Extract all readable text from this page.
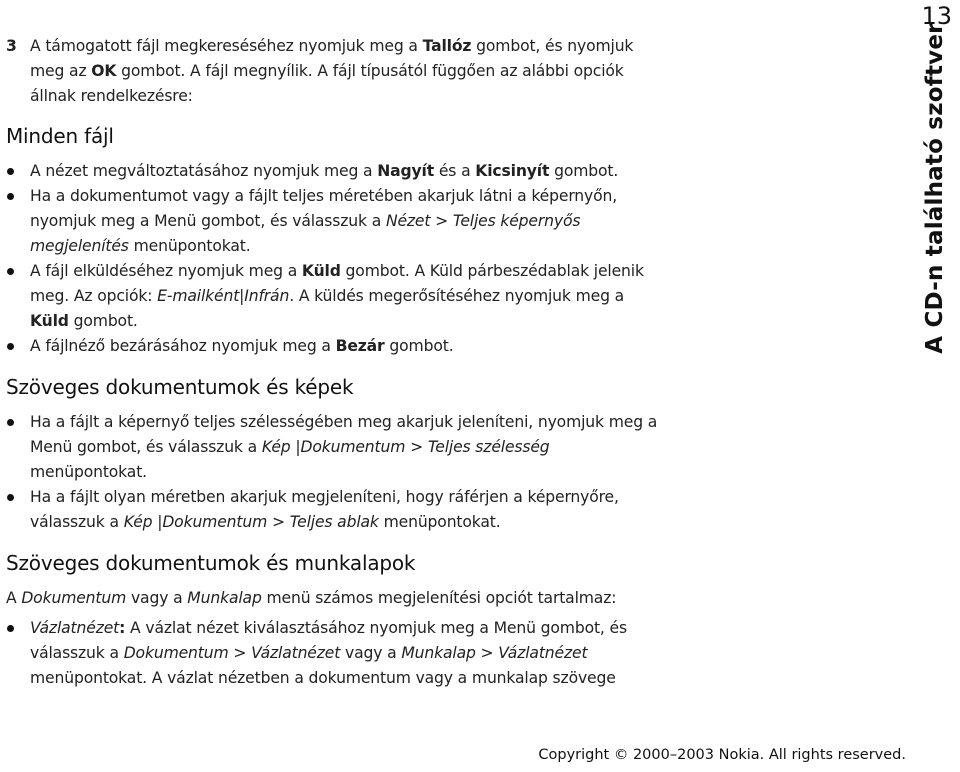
13
A CD-n található szoftver
3 A támogatott fájl megkereséséhez nyomjuk meg a Tallóz gombot, és nyomjuk meg az OK gombot. A fájl megnyílik. A fájl típusától függően az alábbi opciók állnak rendelkezésre:
Minden fájl
A nézet megváltoztatásához nyomjuk meg a Nagyít és a Kicsinyít gombot.
Ha a dokumentumot vagy a fájlt teljes méretében akarjuk látni a képernyőn, nyomjuk meg a Menü gombot, és válasszuk a Nézet > Teljes képernyős megjelenítés menüpontokat.
A fájl elküldéséhez nyomjuk meg a Küld gombot. A Küld párbeszédablak jelenik meg. Az opciók: E-mailként|Infrán. A küldés megerősítéséhez nyomjuk meg a Küld gombot.
A fájlnéző bezárásához nyomjuk meg a Bezár gombot.
Szöveges dokumentumok és képek
Ha a fájlt a képernyő teljes szélességében meg akarjuk jeleníteni, nyomjuk meg a Menü gombot, és válasszuk a Kép |Dokumentum > Teljes szélesség menüpontokat.
Ha a fájlt olyan méretben akarjuk megjeleníteni, hogy ráférjen a képernyőre, válasszuk a Kép |Dokumentum > Teljes ablak menüpontokat.
Szöveges dokumentumok és munkalapok

A Dokumentum vagy a Munkalap menü számos megjelenítési opciót tartalmaz:

Vázlatnézet: A vázlat nézet kiválasztásához nyomjuk meg a Menü gombot, és válasszuk a Dokumentum > Vázlatnézet vagy a Munkalap > Vázlatnézet menüpontokat. A vázlat nézetben a dokumentum vagy a munkalap szövege
Copyright © 2000–2003 Nokia. All rights reserved.
